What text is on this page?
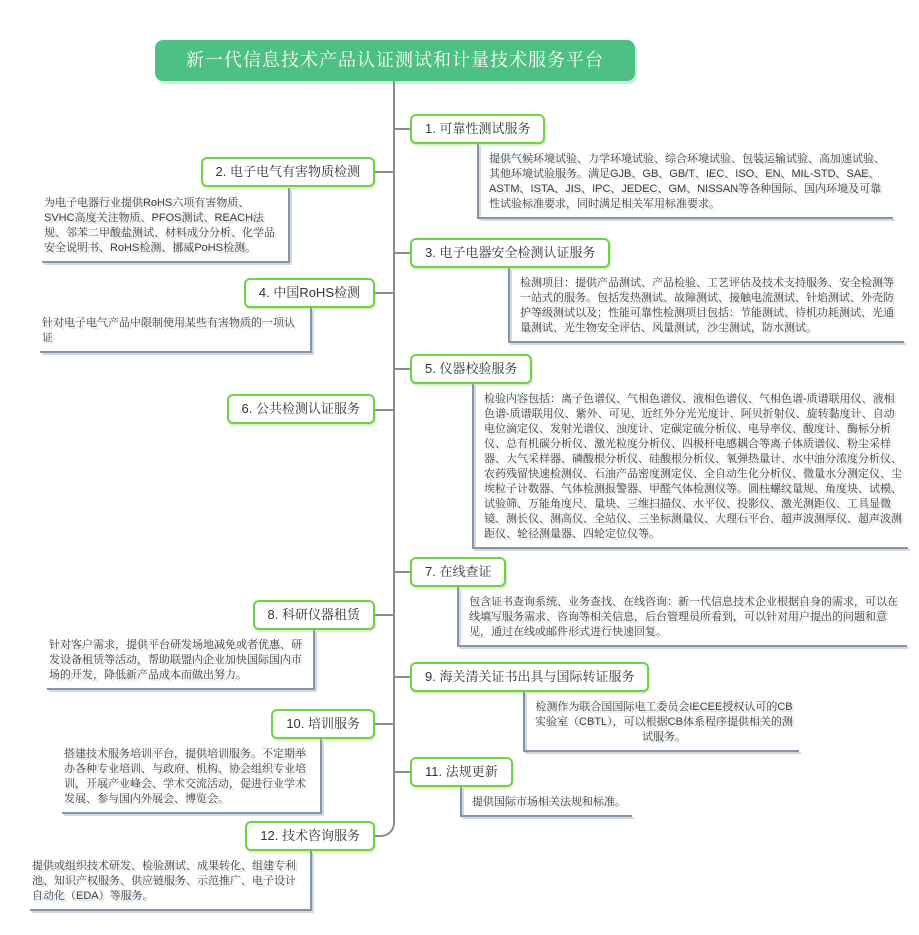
新一代信息技术产品认证测试和计量技术服务平台
1. 可靠性测试服务
2. 电子电气有害物质检测
3. 电子电器安全检测认证服务
4. 中国RoHS检测
5. 仪器校验服务
6. 公共检测认证服务
7. 在线查证
8. 科研仪器租赁
9. 海关清关证书出具与国际转证服务
10. 培训服务
11. 法规更新
12. 技术咨询服务
提供气候环境试验、力学环境试验、综合环境试验、包装运输试验、高加速试验、其他环境试验服务。满足GJB、GB、GB/T、IEC、ISO、EN、MIL-STD、SAE、ASTM、ISTA、JIS、IPC、JEDEC、GM、NISSAN等各种国际、国内环境及可靠性试验标准要求，同时满足相关军用标准要求。
为电子电器行业提供RoHS六项有害物质、SVHC高度关注物质、PFOS测试、REACH法规、邻苯二甲酸盐测试、材料成分分析、化学品安全说明书、RoHS检测、挪威PoHS检测。
检测项目：提供产品测试、产品检验、工艺评估及技术支持服务、安全检测等一站式的服务。包括发热测试、故障测试、接触电流测试、针焰测试、外壳防护等级测试以及；性能可靠性检测项目包括：节能测试、待机功耗测试、光通量测试、光生物安全评估、风量测试，沙尘测试，防水测试。
针对电子电气产品中限制使用某些有害物质的一项认证
检验内容包括：离子色谱仪、气相色谱仪、液相色谱仪、气相色谱-质谱联用仪、液相色谱-质谱联用仪、紫外、可见、近红外分光光度计、阿贝折射仪、旋转黏度计、自动电位滴定仪、发射光谱仪、浊度计、定碳定硫分析仪、电导率仪、酸度计、酶标分析仪、总有机碳分析仪、激光粒度分析仪、四极杆电感耦合等离子体质谱仪、粉尘采样器、大气采样器、磷酸根分析仪、硅酸根分析仪、氧弹热量计、水中油分浓度分析仪、农药残留快速检测仪、石油产品密度测定仪、全自动生化分析仪、微量水分测定仪、尘埃粒子计数器、气体检测报警器、甲醛气体检测仪等。圆柱螺纹量规、角度块、试模、试验筛、万能角度尺、量块、三维扫描仪、水平仪、投影仪、激光测距仪、工具显微镜、测长仪、测高仪、全站仪、三坐标测量仪、大理石平台、超声波测厚仪、超声波测距仪、轮径测量器、四轮定位仪等。
包含证书查询系统、业务查找、在线咨询：新一代信息技术企业根据自身的需求，可以在线填写服务需求、咨询等相关信息，后台管理员所看到，可以针对用户提出的问题和意见，通过在线或邮件形式进行快速回复。
针对客户需求，提供平台研发场地减免或者优惠、研发设备租赁等活动，帮助联盟内企业加快国际国内市场的开发，降低新产品成本而做出努力。
检测作为联合国国际电工委员会IECEE授权认可的CB实验室（CBTL），可以根据CB体系程序提供相关的测试服务。
搭建技术服务培训平台，提供培训服务。不定期举办各种专业培训、与政府、机构、协会组织专业培训，开展产业峰会、学术交流活动，促进行业学术发展、参与国内外展会、博览会。	提供国际市场相关法规和标准。
提供或组织技术研发、检验测试、成果转化、组建专利池、知识产权服务、供应链服务、示范推广、电子设计自动化（EDA）等服务。
